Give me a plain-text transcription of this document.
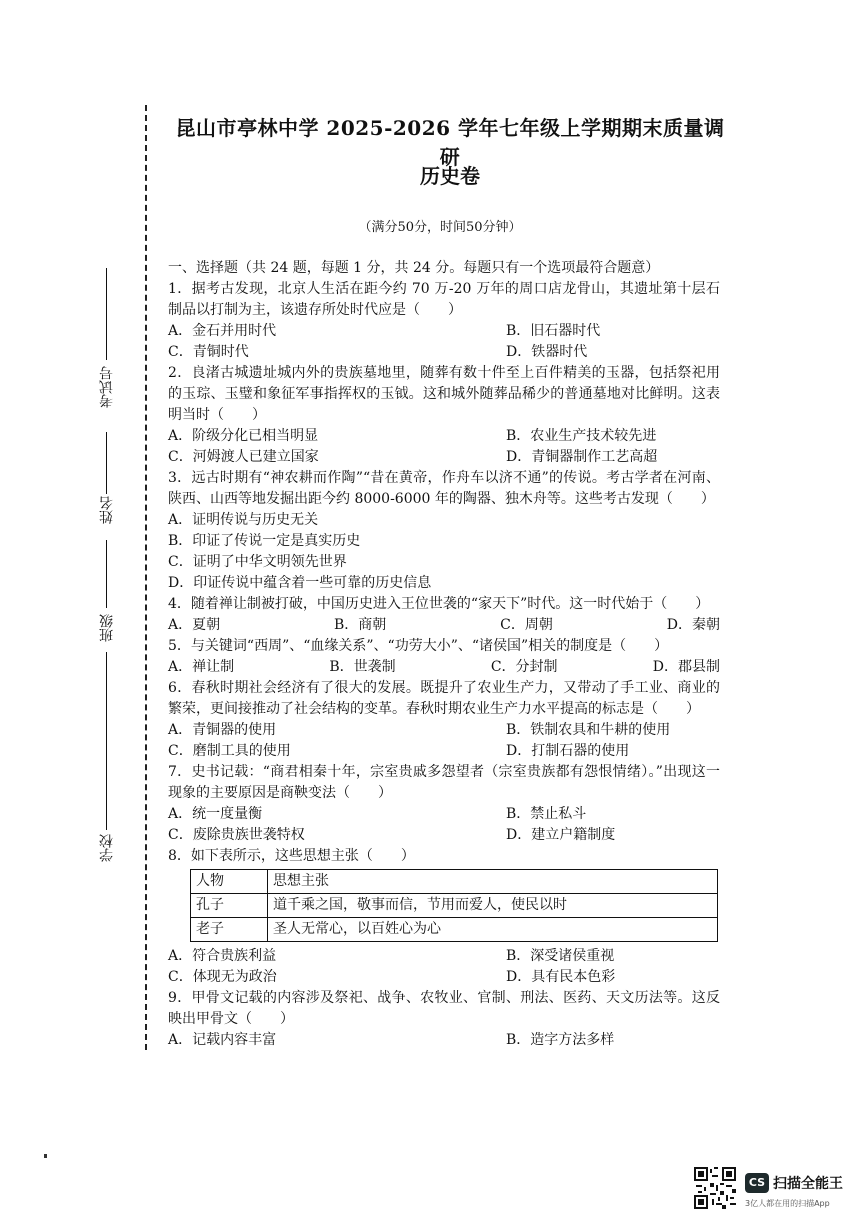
考试号
姓名
班级
学校
昆山市亭林中学 2025-2026 学年七年级上学期期末质量调研
历史卷
（满分50分，时间50分钟）
一、选择题（共 24 题，每题 1 分，共 24 分。每题只有一个选项最符合题意）
1．据考古发现，北京人生活在距今约 70 万-20 万年的周口店龙骨山，其遗址第十层石制品以打制为主，该遗存所处时代应是（　　）
A．金石并用时代	B．旧石器时代
C．青铜时代	D．铁器时代
2．良渚古城遗址城内外的贵族墓地里，随葬有数十件至上百件精美的玉器，包括祭祀用的玉琮、玉璧和象征军事指挥权的玉钺。这和城外随葬品稀少的普通墓地对比鲜明。这表明当时（　　）
A．阶级分化已相当明显	B．农业生产技术较先进
C．河姆渡人已建立国家	D．青铜器制作工艺高超
3．远古时期有“神农耕而作陶”“昔在黄帝，作舟车以济不通”的传说。考古学者在河南、陕西、山西等地发掘出距今约 8000-6000 年的陶器、独木舟等。这些考古发现（　　）
A．证明传说与历史无关
B．印证了传说一定是真实历史
C．证明了中华文明领先世界
D．印证传说中蕴含着一些可靠的历史信息
4．随着禅让制被打破，中国历史进入王位世袭的“家天下”时代。这一时代始于（　　）
A．夏朝	B．商朝	C．周朝	D．秦朝
5．与关键词“西周”、“血缘关系”、“功劳大小”、“诸侯国”相关的制度是（　　）
A．禅让制	B．世袭制	C．分封制	D．郡县制
6．春秋时期社会经济有了很大的发展。既提升了农业生产力，又带动了手工业、商业的繁荣，更间接推动了社会结构的变革。春秋时期农业生产力水平提高的标志是（　　）
A．青铜器的使用	B．铁制农具和牛耕的使用
C．磨制工具的使用	D．打制石器的使用
7．史书记载：“商君相秦十年，宗室贵戚多怨望者（宗室贵族都有怨恨情绪）。”出现这一现象的主要原因是商鞅变法（　　）
A．统一度量衡	B．禁止私斗
C．废除贵族世袭特权	D．建立户籍制度
8．如下表所示，这些思想主张（　　）
人物	思想主张
孔子	道千乘之国，敬事而信，节用而爱人，使民以时
老子	圣人无常心，以百姓心为心
A．符合贵族利益	B．深受诸侯重视
C．体现无为政治	D．具有民本色彩
9．甲骨文记载的内容涉及祭祀、战争、农牧业、官制、刑法、医药、天文历法等。这反映出甲骨文（　　）
A．记载内容丰富	B．造字方法多样
CS 扫描全能王
3亿人都在用的扫描App
